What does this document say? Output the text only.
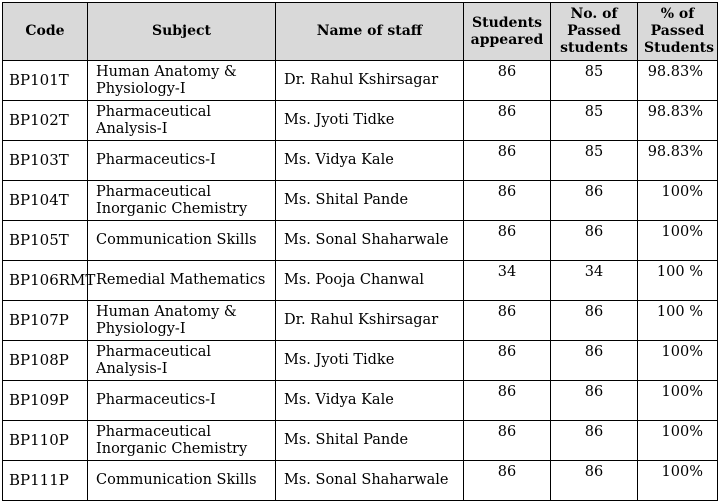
Code	Subject	Name of staff	Students appeared	No. of Passed students	% of Passed Students
BP101T	Human Anatomy & Physiology-I	Dr. Rahul Kshirsagar	86	85	98.83%
BP102T	Pharmaceutical Analysis-I	Ms. Jyoti Tidke	86	85	98.83%
BP103T	Pharmaceutics-I	Ms. Vidya Kale	86	85	98.83%
BP104T	Pharmaceutical Inorganic Chemistry	Ms. Shital Pande	86	86	100%
BP105T	Communication Skills	Ms. Sonal Shaharwale	86	86	100%
BP106RMT	Remedial Mathematics	Ms. Pooja Chanwal	34	34	100 %
BP107P	Human Anatomy & Physiology-I	Dr. Rahul Kshirsagar	86	86	100 %
BP108P	Pharmaceutical Analysis-I	Ms. Jyoti Tidke	86	86	100%
BP109P	Pharmaceutics-I	Ms. Vidya Kale	86	86	100%
BP110P	Pharmaceutical Inorganic Chemistry	Ms. Shital Pande	86	86	100%
BP111P	Communication Skills	Ms. Sonal Shaharwale	86	86	100%
